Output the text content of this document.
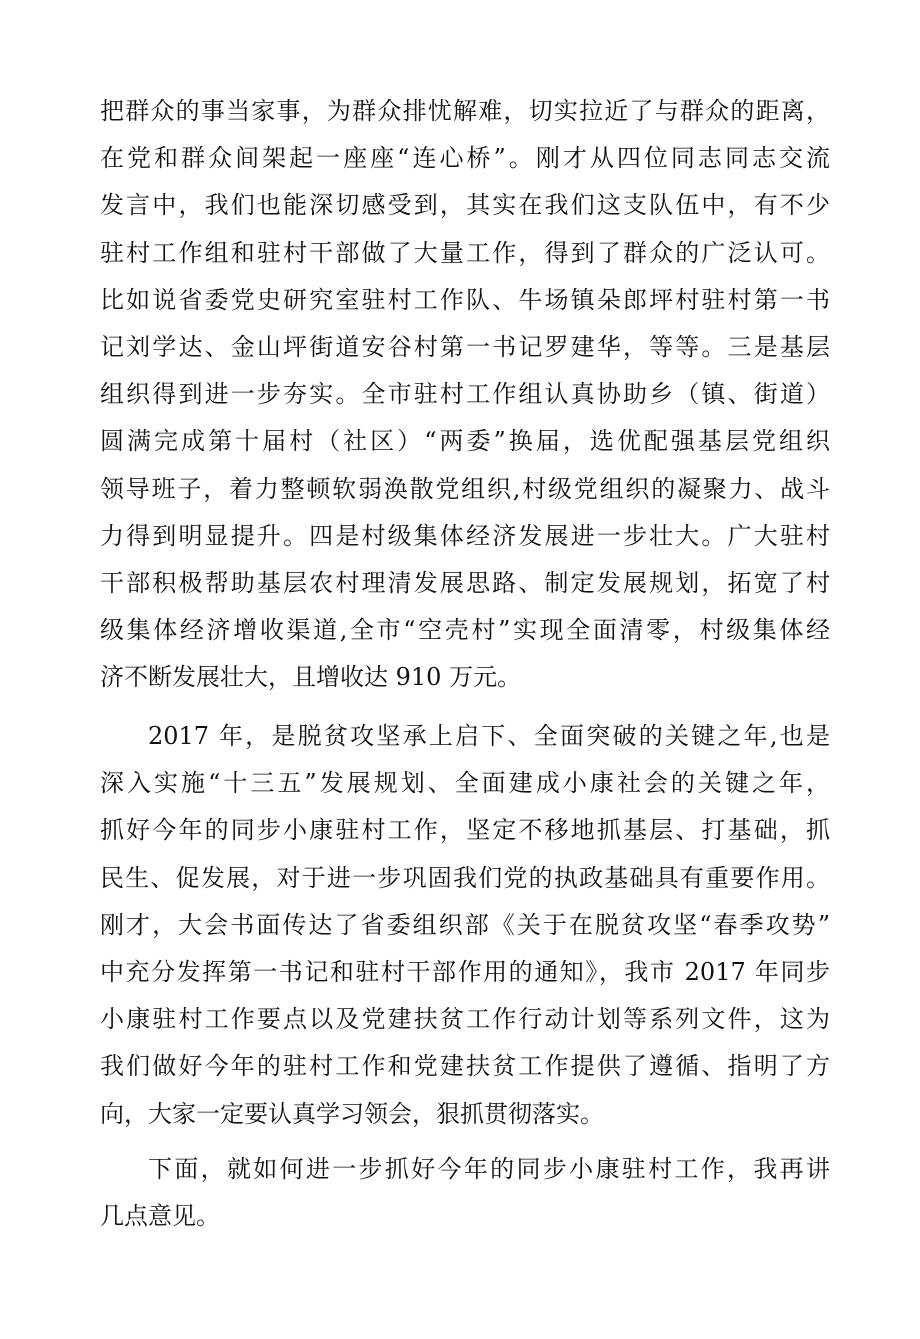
把群众的事当家事，为群众排忧解难，切实拉近了与群众的距离，
在党和群众间架起一座座“连心桥”。刚才从四位同志同志交流
发言中，我们也能深切感受到，其实在我们这支队伍中，有不少
驻村工作组和驻村干部做了大量工作，得到了群众的广泛认可。
比如说省委党史研究室驻村工作队、牛场镇朵郎坪村驻村第一书
记刘学达、金山坪街道安谷村第一书记罗建华，等等。三是基层
组织得到进一步夯实。全市驻村工作组认真协助乡（镇、街道）
圆满完成第十届村（社区）“两委”换届，选优配强基层党组织
领导班子，着力整顿软弱涣散党组织,村级党组织的凝聚力、战斗
力得到明显提升。四是村级集体经济发展进一步壮大。广大驻村
干部积极帮助基层农村理清发展思路、制定发展规划，拓宽了村
级集体经济增收渠道,全市“空壳村”实现全面清零，村级集体经
济不断发展壮大，且增收达 910 万元。
2017 年，是脱贫攻坚承上启下、全面突破的关键之年,也是
深入实施“十三五”发展规划、全面建成小康社会的关键之年，
抓好今年的同步小康驻村工作，坚定不移地抓基层、打基础，抓
民生、促发展，对于进一步巩固我们党的执政基础具有重要作用。
刚才，大会书面传达了省委组织部《关于在脱贫攻坚“春季攻势”
中充分发挥第一书记和驻村干部作用的通知》，我市 2017 年同步
小康驻村工作要点以及党建扶贫工作行动计划等系列文件，这为
我们做好今年的驻村工作和党建扶贫工作提供了遵循、指明了方
向，大家一定要认真学习领会，狠抓贯彻落实。
下面，就如何进一步抓好今年的同步小康驻村工作，我再讲
几点意见。
